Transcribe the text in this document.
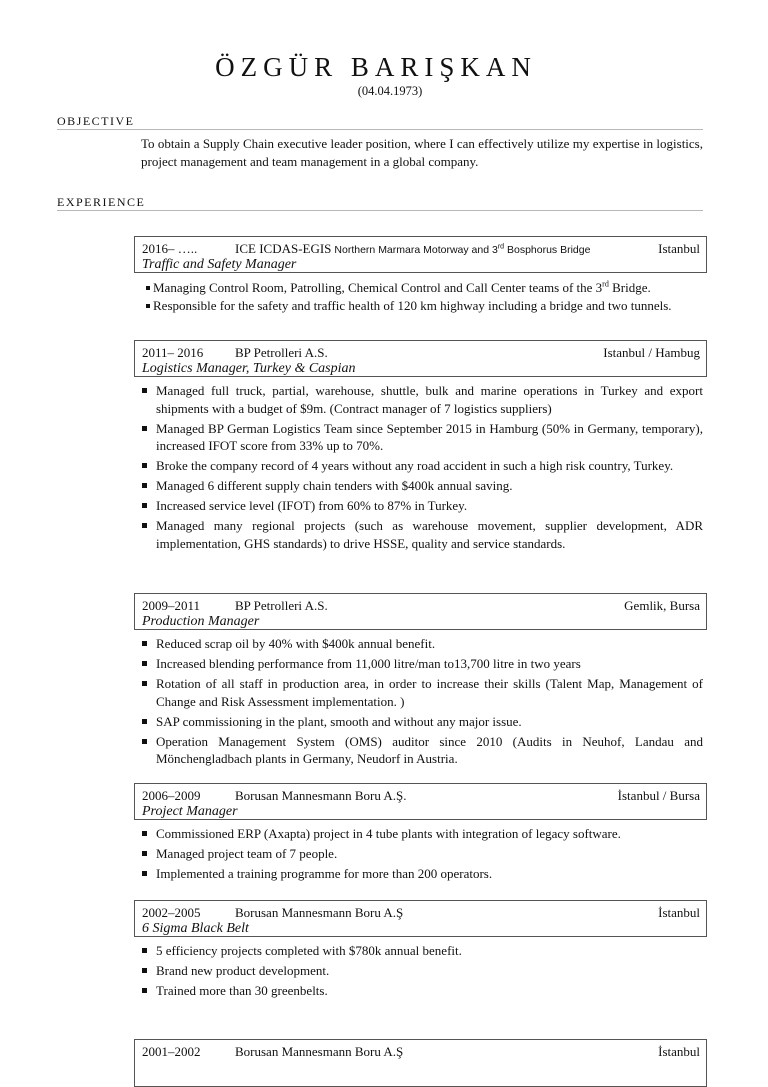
ÖZGÜR BARIŞKAN
(04.04.1973)
OBJECTIVE
To obtain a Supply Chain executive leader position, where I can effectively utilize my expertise in logistics, project management and team management in a global company.
EXPERIENCE
2016– …..	ICE ICDAS-EGIS Northern Marmara Motorway and 3rd Bosphorus Bridge	Istanbul
Traffic and Safety Manager
Managing Control Room, Patrolling, Chemical Control and Call Center teams of the 3rd Bridge.
Responsible for the safety and traffic health of 120 km highway including a bridge and two tunnels.
2011– 2016 BP Petrolleri A.S.	Istanbul / Hambug
Logistics Manager, Turkey & Caspian
Managed full truck, partial, warehouse, shuttle, bulk and marine operations in Turkey and export shipments with a budget of $9m. (Contract manager of 7 logistics suppliers)
Managed BP German Logistics Team since September 2015 in Hamburg (50% in Germany, temporary), increased IFOT score from 33% up to 70%.
Broke the company record of 4 years without any road accident in such a high risk country, Turkey.
Managed 6 different supply chain tenders with $400k annual saving.
Increased service level (IFOT) from 60% to 87% in Turkey.
Managed many regional projects (such as warehouse movement, supplier development, ADR implementation, GHS standards) to drive HSSE, quality and service standards.
2009–2011	BP Petrolleri A.S.	Gemlik, Bursa
Production Manager
Reduced scrap oil by 40% with $400k annual benefit.
Increased blending performance from 11,000 litre/man to13,700 litre in two years
Rotation of all staff in production area, in order to increase their skills (Talent Map, Management of Change and Risk Assessment implementation. )
SAP commissioning in the plant, smooth and without any major issue.
Operation Management System (OMS) auditor since 2010 (Audits in Neuhof, Landau and Mönchengladbach plants in Germany, Neudorf in Austria.
2006–2009	Borusan Mannesmann Boru A.Ş.	İstanbul / Bursa
Project Manager
Commissioned ERP (Axapta) project in 4 tube plants with integration of legacy software.
Managed project team of 7 people.
Implemented a training programme for more than 200 operators.
2002–2005	Borusan Mannesmann Boru A.Ş	İstanbul
6 Sigma Black Belt
5 efficiency projects completed with $780k annual benefit.
Brand new product development.
Trained more than 30 greenbelts.
2001–2002	Borusan Mannesmann Boru A.Ş	İstanbul
